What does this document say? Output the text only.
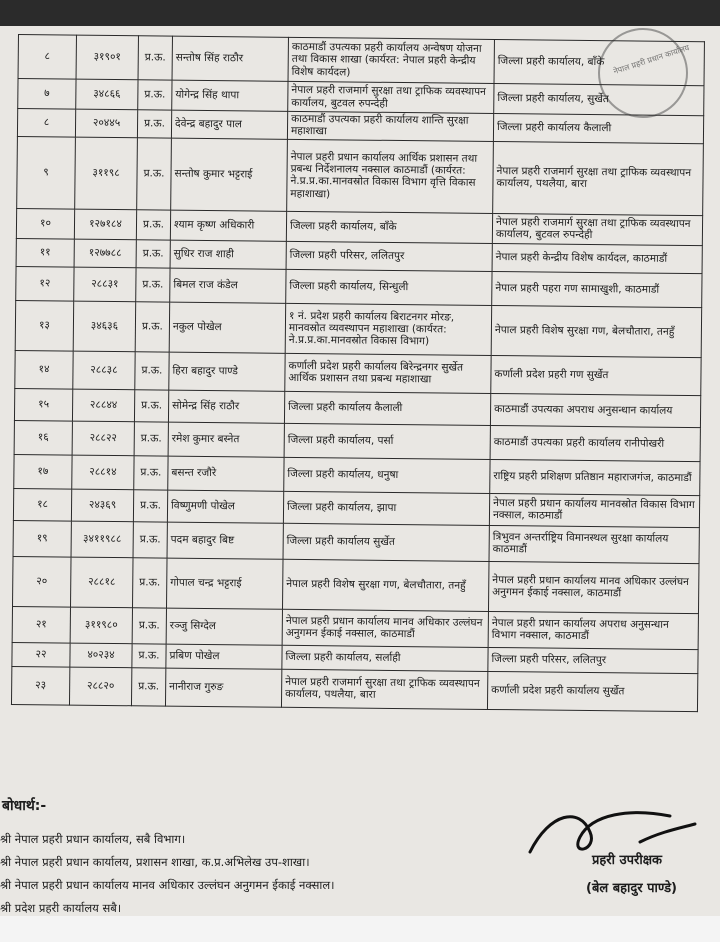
नेपाल प्रहरी प्रधान कार्यालय
८	३१९०१	प्र.ऊ.	सन्तोष सिंह राठौर	काठमाडौं उपत्यका प्रहरी कार्यालय अन्वेषण योजना तथा विकास शाखा (कार्यरत: नेपाल प्रहरी केन्द्रीय विशेष कार्यदल)	जिल्ला प्रहरी कार्यालय, बाँके
७	३४८६६	प्र.ऊ.	योगेन्द्र सिंह थापा	नेपाल प्रहरी राजमार्ग सुरक्षा तथा ट्राफिक व्यवस्थापन कार्यालय, बुटवल रुपन्देही	जिल्ला प्रहरी कार्यालय, सुर्खेत
८	२०४४५	प्र.ऊ.	देवेन्द्र बहादुर पाल	काठमाडौं उपत्यका प्रहरी कार्यालय शान्ति सुरक्षा महाशाखा	जिल्ला प्रहरी कार्यालय कैलाली
९	३११९८	प्र.ऊ.	सन्तोष कुमार भट्टराई	नेपाल प्रहरी प्रधान कार्यालय आर्थिक प्रशासन तथा प्रबन्ध निर्देशनालय नक्साल काठमाडौं (कार्यरत: ने.प्र.प्र.का.मानवस्रोत विकास विभाग वृत्ति विकास महाशाखा)	नेपाल प्रहरी राजमार्ग सुरक्षा तथा ट्राफिक व्यवस्थापन कार्यालय, पथलैया, बारा
१०	१२७१८४	प्र.ऊ.	श्याम कृष्ण अधिकारी	जिल्ला प्रहरी कार्यालय, बाँके	नेपाल प्रहरी राजमार्ग सुरक्षा तथा ट्राफिक व्यवस्थापन कार्यालय, बुटवल रुपन्देही
११	१२७७८८	प्र.ऊ.	सुधिर राज शाही	जिल्ला प्रहरी परिसर, ललितपुर	नेपाल प्रहरी केन्द्रीय विशेष कार्यदल, काठमाडौं
१२	२८८३१	प्र.ऊ.	बिमल राज कंडेल	जिल्ला प्रहरी कार्यालय, सिन्धुली	नेपाल प्रहरी पहरा गण सामाखुशी, काठमाडौं
१३	३४६३६	प्र.ऊ.	नकुल पोखेल	१ नं. प्रदेश प्रहरी कार्यालय बिराटनगर मोरङ, मानवस्रोत व्यवस्थापन महाशाखा (कार्यरत: ने.प्र.प्र.का.मानवस्रोत विकास विभाग)	नेपाल प्रहरी विशेष सुरक्षा गण, बेलचौतारा, तनहुँ
१४	२८८३८	प्र.ऊ.	हिरा बहादुर पाण्डे	कर्णाली प्रदेश प्रहरी कार्यालय बिरेन्द्रनगर सुर्खेत आर्थिक प्रशासन तथा प्रबन्ध महाशाखा	कर्णाली प्रदेश प्रहरी गण सुर्खेत
१५	२८८४४	प्र.ऊ.	सोमेन्द्र सिंह राठौर	जिल्ला प्रहरी कार्यालय कैलाली	काठमाडौं उपत्यका अपराध अनुसन्धान कार्यालय
१६	२८८२२	प्र.ऊ.	रमेश कुमार बस्नेत	जिल्ला प्रहरी कार्यालय, पर्सा	काठमाडौं उपत्यका प्रहरी कार्यालय रानीपोखरी
१७	२८८१४	प्र.ऊ.	बसन्त रजौरे	जिल्ला प्रहरी कार्यालय, धनुषा	राष्ट्रिय प्रहरी प्रशिक्षण प्रतिष्ठान महाराजगंज, काठमाडौं
१८	२४३६९	प्र.ऊ.	विष्णुमणी पोखेल	जिल्ला प्रहरी कार्यालय, झापा	नेपाल प्रहरी प्रधान कार्यालय मानवस्रोत विकास विभाग नक्साल, काठमाडौं
१९	३४११९८८	प्र.ऊ.	पदम बहादुर बिष्ट	जिल्ला प्रहरी कार्यालय सुर्खेत	त्रिभुवन अन्तर्राष्ट्रिय विमानस्थल सुरक्षा कार्यालय काठमाडौं
२०	२८८१८	प्र.ऊ.	गोपाल चन्द्र भट्टराई	नेपाल प्रहरी विशेष सुरक्षा गण, बेलचौतारा, तनहुँ	नेपाल प्रहरी प्रधान कार्यालय मानव अधिकार उल्लंघन अनुगमन ईकाई नक्साल, काठमाडौं
२१	३११९८०	प्र.ऊ.	रञ्जु सिग्देल	नेपाल प्रहरी प्रधान कार्यालय मानव अधिकार उल्लंघन अनुगमन ईकाई नक्साल, काठमाडौं	नेपाल प्रहरी प्रधान कार्यालय अपराध अनुसन्धान विभाग नक्साल, काठमाडौं
२२	४०२३४	प्र.ऊ.	प्रबिण पोखेल	जिल्ला प्रहरी कार्यालय, सर्लाही	जिल्ला प्रहरी परिसर, ललितपुर
२३	२८८२०	प्र.ऊ.	नानीराज गुरुङ	नेपाल प्रहरी राजमार्ग सुरक्षा तथा ट्राफिक व्यवस्थापन कार्यालय, पथलैया, बारा	कर्णाली प्रदेश प्रहरी कार्यालय सुर्खेत
बोधार्थ:-
श्री नेपाल प्रहरी प्रधान कार्यालय, सबै विभाग।
श्री नेपाल प्रहरी प्रधान कार्यालय, प्रशासन शाखा, क.प्र.अभिलेख उप-शाखा।
श्री नेपाल प्रहरी प्रधान कार्यालय मानव अधिकार उल्लंघन अनुगमन ईकाई नक्साल।
श्री प्रदेश प्रहरी कार्यालय सबै।
प्रहरी उपरीक्षक
(बेल बहादुर पाण्डे)
